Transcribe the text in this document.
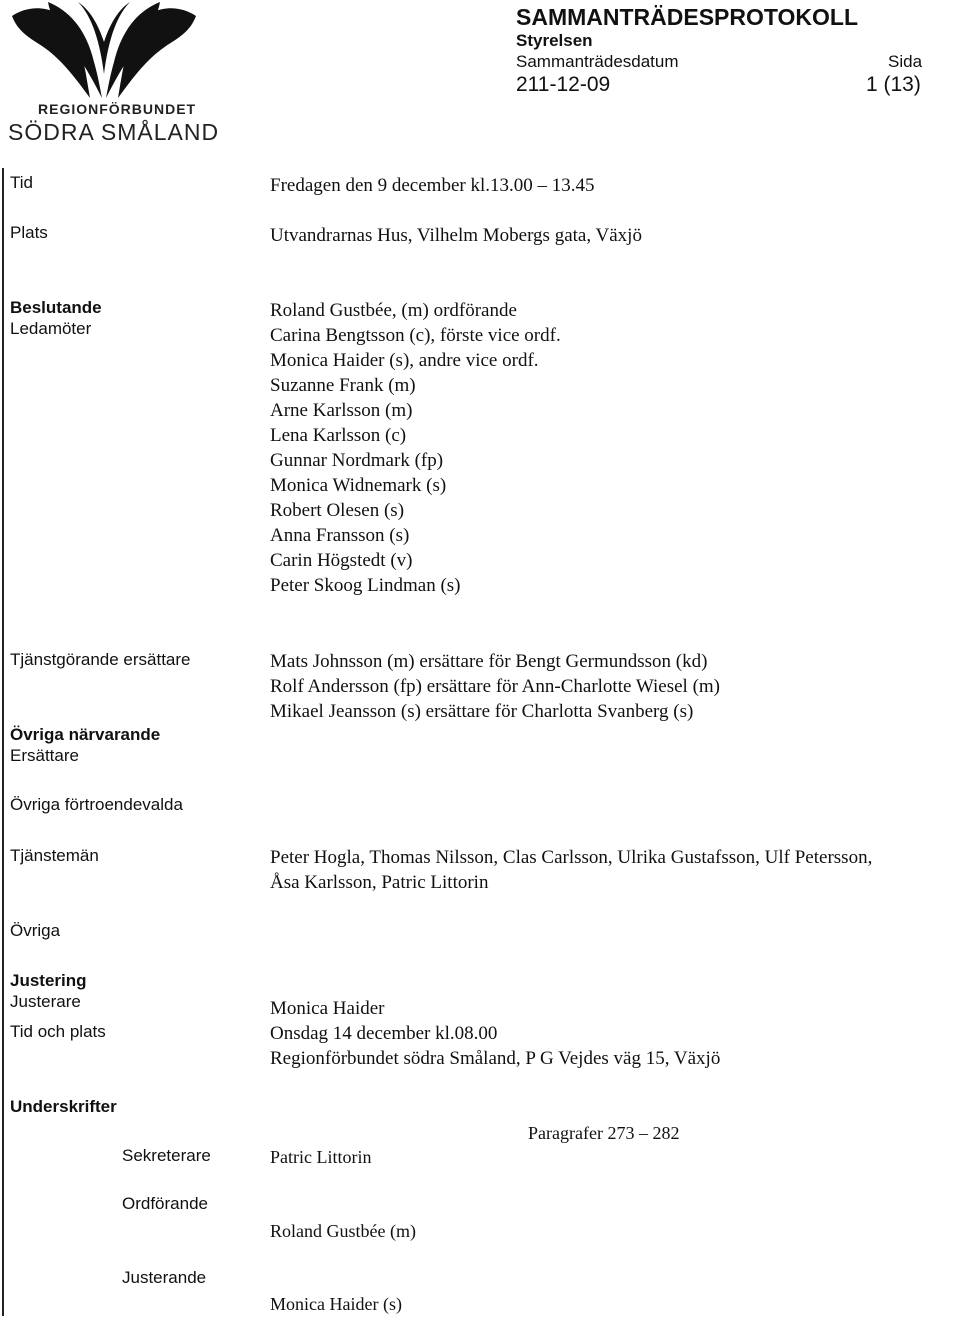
REGIONFÖRBUNDET
SÖDRA SMÅLAND
SAMMANTRÄDESPROTOKOLL
Styrelsen
Sammanträdesdatum	Sida
211-12-09	1 (13)
Tid
Plats
Beslutande
Ledamöter
Tjänstgörande ersättare
Övriga närvarande
Ersättare
Övriga förtroendevalda
Tjänstemän
Övriga
Justering
Justerare
Tid och plats
Underskrifter
Sekreterare
Ordförande
Justerande
Fredagen den 9 december kl.13.00 – 13.45
Utvandrarnas Hus, Vilhelm Mobergs gata, Växjö
Roland Gustbée, (m) ordförande
Carina Bengtsson (c), förste vice ordf.
Monica Haider (s), andre vice ordf.
Suzanne Frank (m)
Arne Karlsson (m)
Lena Karlsson (c)
Gunnar Nordmark (fp)
Monica Widnemark (s)
Robert Olesen (s)
Anna Fransson (s)
Carin Högstedt (v)
Peter Skoog Lindman (s)
Mats Johnsson (m) ersättare för Bengt Germundsson (kd)
Rolf Andersson (fp) ersättare för Ann-Charlotte Wiesel (m)
Mikael Jeansson (s) ersättare för Charlotta Svanberg (s)
Peter Hogla, Thomas Nilsson, Clas Carlsson, Ulrika Gustafsson, Ulf Petersson,
Åsa Karlsson, Patric Littorin
Monica Haider
Onsdag 14 december kl.08.00
Regionförbundet södra Småland, P G Vejdes väg 15, Växjö
Paragrafer 273 – 282
Patric Littorin
Roland Gustbée (m)
Monica Haider (s)
